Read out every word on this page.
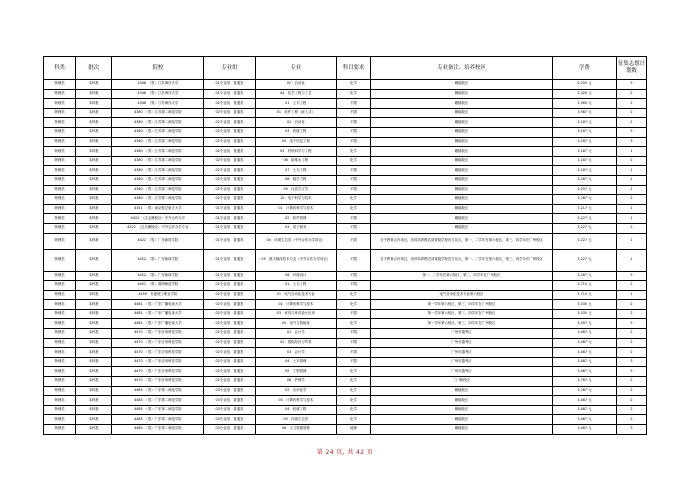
科类	批次	院校	专业组	专业	科目要求	专业备注、培养校区	学费	征集志愿计划数
物理类	本科批	4346　（男）江苏海洋大学	01专业组　普通类	02　自动化	化学	赣榆校区	2,205 元	3
物理类	本科批	4346　（男）江苏海洋大学	01专业组　普通类	04　化学工程与工艺	化学	赣榆校区	2,320 元	2
物理类	本科批	4346　（男）江苏海洋大学	02专业组　普通类	01　土木工程	不限	赣榆校区	1,565 元	2
物理类	本科批	4380　（男）江苏第二师范学院	02专业组　普通类	01　软件工程（嵌入式）	不限	赣榆校区	3,987 元	2
物理类	本科批	4380　（男）江苏第二师范学院	02专业组　普通类	02　自动化	不限	赣榆校区	3,187 元	2
物理类	本科批	4380　（男）江苏第二师范学院	02专业组　普通类	03　机械工程	不限	赣榆校区	3,187 元	3
物理类	本科批	4380　（男）江苏第二师范学院	02专业组　普通类	04　电子信息工程	不限	赣榆校区	3,187 元	3
物理类	本科批	4380　（男）江苏第二师范学院	02专业组　普通类	05　材料科学与工程	化学	赣榆校区	3,187 元	1
物理类	本科批	4380　（男）江苏第二师范学院	02专业组　普通类	06　给排水工程	化学	赣榆校区	3,187 元	2
物理类	本科批	4380　（男）江苏第二师范学院	02专业组　普通类	07　土木工程	不限	赣榆校区	3,187 元	1
物理类	本科批	4380　（男）江苏第二师范学院	02专业组　普通类	08　数学工程	不限	赣榆校区	3,287 元	1
物理类	本科批	4380　（男）江苏第二师范学院	02专业组　普通类	09　汉语言文学	不限	赣榆校区	3,257 元	1
物理类	本科批	4380　（男）江苏第二师范学院	02专业组　普通类	10　电子科学与技术	化学	赣榆校区	3,287 元	2
物理类	本科批	4351　（男）南京航空航天大学	01专业组　普通类	01　计算机科学与技术	化学	赣榆校区	3,217 元	1
物理类	本科批	4422　（注点澳校区）中外合作办学	01专业组　普通类	02　软件管理	不限	赣榆校区	3,227 元	1
物理类	本科批	4422　（注点澳校区）中外合作办学专业	01专业组　普通类	03　电子商务	不限	赣榆校区	3,227 元	2
物理类	本科批	4422　（男）广东新屏学院	01专业组　普通类	04　环境生态类（中外合作办学项目）	不限	含予教育合作项目，具体培养模式请查阅学校官方站点，第一、二学年在第六校区，第三、四学年在广州校区	3,227 元	1
物理类	本科批	4422　（男）广东新屏学院	01专业组　普通类	05　数字媒体技术专业（中外合作办学项目）	不限	含予教育合作项目，具体培养模式请查阅学校官方站点，第一、二学年在第六校区，第三、四学年在广州校区	3,227 元	1
物理类	本科批	4422　（男）广东新屏学院	01专业组　普通类	06　环境设计	不限	第一、二学年在第六校区，第三、四学年在广州校区	3,287 元	3
物理类	本科批	4451　（男）淮阴师范学院	02专业组　普通类	01　土木工程	不限		3,710 元	2
物理类	本科批	4459　苏夏理工职业学院	02专业组　普通类	01　电气自动化技术专业	化学	电气自动化技术专业第六校区	5,710 元	1
物理类	本科批	4481　（男）广东广播电视大学	02专业组　普通类	02　计算机科学与技术	化学	第一学年第六校区，第三、四学年在广州校区	3,335 元	2
物理类	本科批	4481　（男）广东广播电视大学	02专业组　普通类	03　家具与家具设计应用	不限	第一学年第六校区，第三、四学年在广州校区	3,335 元	2
物理类	本科批	4481　（男）广东广播电视大学	02专业组　普通类	04　电气与智能化	化学	第一学年第六校区，第三、四学年在广州校区	3,357 元	3
物理类	本科批	4470　（男）广东应用科技学院	02专业组　普通类	01　会计学	不限	广州市越秀区	3,487 元	2
物理类	本科批	4470　（男）广东应用科技学院	02专业组　普通类	02　国际经济与贸易	不限	广州市越秀区	3,487 元	2
物理类	本科批	4470　（男）广东应用科技学院	02专业组　普通类	03　会计学	不限	广州市越秀区	3,487 元	2
物理类	本科批	4470　（男）广东应用科技学院	02专业组　普通类	04　土木管理	不限	广州市越秀区	3,487 元	3
物理类	本科批	4470　（男）广东应用科技学院	02专业组　普通类	05　工程管理	化学	广州市越秀区	3,487 元	3
物理类	本科批	4470　（男）广东应用科技学院	02专业组　普通类	08　护理学	化学	三门峡校区	3,787 元	2
物理类	本科批	4485　（男）广东第二师范学院	03专业组　普通类	02　应用化学	化学	赣榆校区	3,287 元	2
物理类	本科批	4485　（男）广东第二师范学院	03专业组　普通类	03　计算机科学与技术	化学	赣榆校区	3,487 元	2
物理类	本科批	4485　（男）广东第二师范学院	03专业组　普通类	04　机械工程	化学	赣榆校区	3,487 元	2
物理类	本科批	4485　（男）广东第二师范学院	03专业组　普通类	05　环境生态类	化学	赣榆校区	3,487 元	2
物理类	本科批	4485　（男）广东第二师范学院	03专业组　普通类	06　人力资源管理	地理	赣榆校区	3,487 元	3
第 24 页, 共 42 页
